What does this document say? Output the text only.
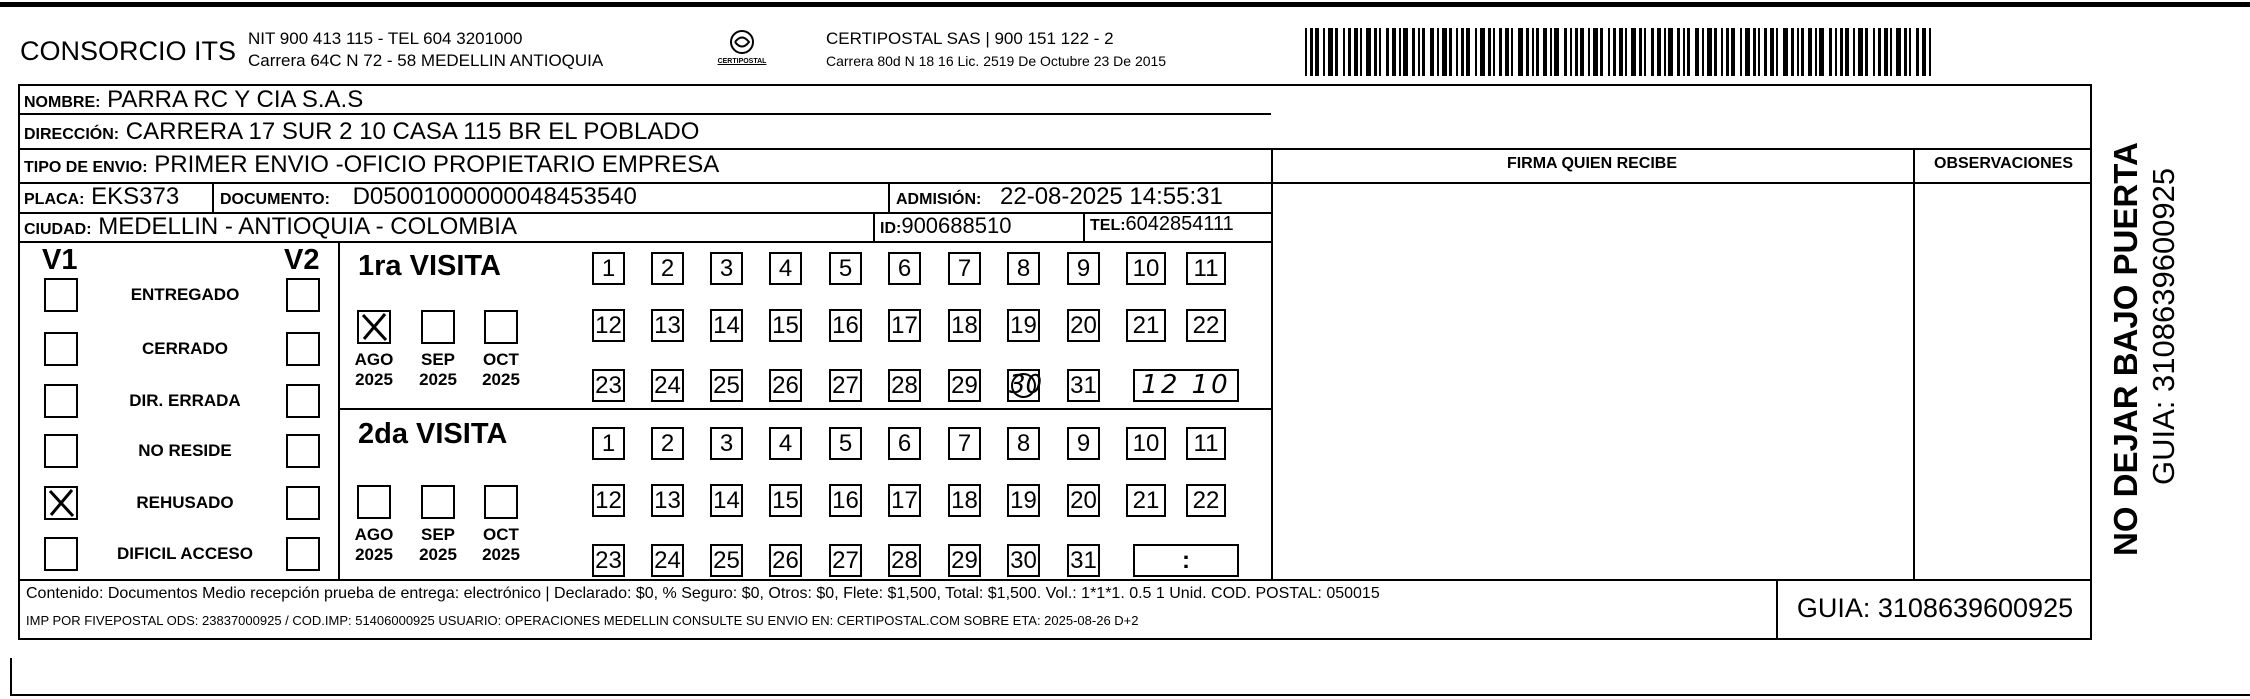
CONSORCIO ITS NIT 900 413 115 - TEL 604 3201000
Carrera 64C N 72 - 58 MEDELLIN ANTIOQUIA	CERTIPOSTAL
CERTIPOSTAL SAS | 900 151 122 - 2
Carrera 80d N 18 16 Lic. 2519 De Octubre 23 De 2015
NOMBRE: PARRA RC Y CIA S.A.S
DIRECCIÓN: CARRERA 17 SUR 2 10 CASA 115 BR EL POBLADO
TIPO DE ENVIO: PRIMER ENVIO -OFICIO PROPIETARIO EMPRESA	FIRMA QUIEN RECIBE	OBSERVACIONES
PLACA: EKS373	DOCUMENTO: D05001000000048453540	ADMISIÓN: 22-08-2025 14:55:31
CIUDAD: MEDELLIN - ANTIOQUIA - COLOMBIA	ID:900688510	TEL:6042854111
V1	V2
ENTREGADO
CERRADO
DIR. ERRADA
NO RESIDE
REHUSADO
DIFICIL ACCESO
1ra VISITA
2da VISITA
AGO
2025
SEP
2025
OCT
2025
1	2	3	4	5	6	7	8	9	10	11
12 13 14 15 16 17 18 19 20 21 22
23 24 25 26 27 28 29 30 31	12 10
AGO
2025
SEP
2025
OCT
2025
1	2	3	4	5	6	7	8	9	10	11
12 13 14 15 16 17 18 19 20 21 22
23 24 25 26 27 28 29 30 31	:
Contenido: Documentos Medio recepción prueba de entrega: electrónico | Declarado: $0, % Seguro: $0, Otros: $0, Flete: $1,500, Total: $1,500. Vol.: 1*1*1. 0.5 1 Unid. COD. POSTAL: 050015
IMP POR FIVEPOSTAL ODS: 23837000925 / COD.IMP: 51406000925 USUARIO: OPERACIONES MEDELLIN CONSULTE SU ENVIO EN: CERTIPOSTAL.COM SOBRE ETA: 2025-08-26 D+2	GUIA: 3108639600925
NO DEJAR BAJO PUERTA GUIA: 3108639600925
